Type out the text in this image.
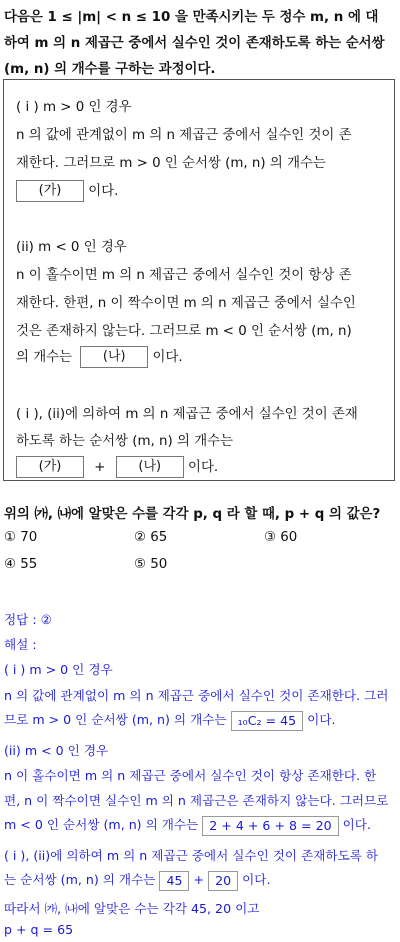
다음은 1 ≤ |m| < n ≤ 10 을 만족시키는 두 정수 m, n 에 대
하여 m 의 n 제곱근 중에서 실수인 것이 존재하도록 하는 순서쌍
(m, n) 의 개수를 구하는 과정이다.
( i ) m > 0 인 경우
n 의 값에 관계없이 m 의 n 제곱근 중에서 실수인 것이 존
재한다. 그러므로 m > 0 인 순서쌍 (m, n) 의 개수는
(가) 이다.
(ii) m < 0 인 경우
n 이 홀수이면 m 의 n 제곱근 중에서 실수인 것이 항상 존
재한다. 한편, n 이 짝수이면 m 의 n 제곱근 중에서 실수인
것은 존재하지 않는다. 그러므로 m < 0 인 순서쌍 (m, n)
의 개수는 (나) 이다.
( i ), (ii)에 의하여 m 의 n 제곱근 중에서 실수인 것이 존재
하도록 하는 순서쌍 (m, n) 의 개수는
(가) +	(나) 이다.
위의 ㈎, ㈏에 알맞은 수를 각각 p, q 라 할 때, p + q 의 값은?
① 70	② 65	③ 60
④ 55	⑤ 50
정답 : ②
해설 :
( i ) m > 0 인 경우
n 의 값에 관계없이 m 의 n 제곱근 중에서 실수인 것이 존재한다. 그러
므로 m > 0 인 순서쌍 (m, n) 의 개수는 ₁₀C₂ = 45 이다.
(ii) m < 0 인 경우
n 이 홀수이면 m 의 n 제곱근 중에서 실수인 것이 항상 존재한다. 한
편, n 이 짝수이면 실수인 m 의 n 제곱근은 존재하지 않는다. 그러므로
m < 0 인 순서쌍 (m, n) 의 개수는 2 + 4 + 6 + 8 = 20 이다.
( i ), (ii)에 의하여 m 의 n 제곱근 중에서 실수인 것이 존재하도록 하
는 순서쌍 (m, n) 의 개수는 45 + 20 이다.
따라서 ㈎, ㈏에 알맞은 수는 각각 45, 20 이고
p + q = 65
